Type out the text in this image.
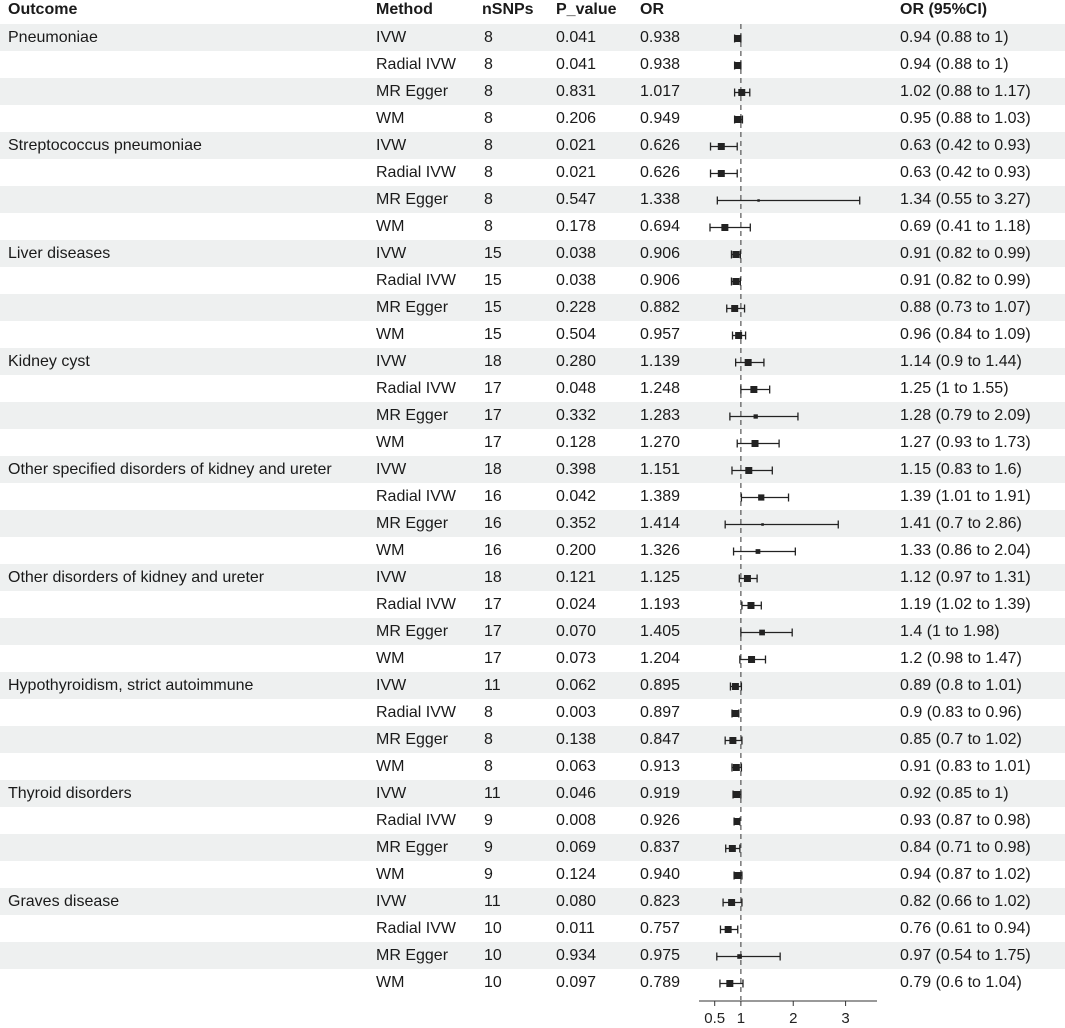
Outcome	Method	nSNPs P_value OR	OR (95%CI)
Pneumoniae	IVW	8	0.041	0.938	0.94 (0.88 to 1)
Radial IVW 8	0.041	0.938	0.94 (0.88 to 1)
MR Egger 8	0.831	1.017	1.02 (0.88 to 1.17)
WM	8	0.206	0.949	0.95 (0.88 to 1.03)
Streptococcus pneumoniae	IVW	8	0.021	0.626	0.63 (0.42 to 0.93)
Radial IVW 8	0.021	0.626	0.63 (0.42 to 0.93)
MR Egger 8	0.547	1.338	1.34 (0.55 to 3.27)
WM	8	0.178	0.694	0.69 (0.41 to 1.18)
Liver diseases	IVW	15	0.038	0.906	0.91 (0.82 to 0.99)
Radial IVW 15	0.038	0.906	0.91 (0.82 to 0.99)
MR Egger 15	0.228	0.882	0.88 (0.73 to 1.07)
WM	15	0.504	0.957	0.96 (0.84 to 1.09)
Kidney cyst	IVW	18	0.280	1.139	1.14 (0.9 to 1.44)
Radial IVW 17	0.048	1.248	1.25 (1 to 1.55)
MR Egger 17	0.332	1.283	1.28 (0.79 to 2.09)
WM	17	0.128	1.270	1.27 (0.93 to 1.73)
Other specified disorders of kidney and ureter	IVW	18	0.398	1.151	1.15 (0.83 to 1.6)
Radial IVW 16	0.042	1.389	1.39 (1.01 to 1.91)
MR Egger 16	0.352	1.414	1.41 (0.7 to 2.86)
WM	16	0.200	1.326	1.33 (0.86 to 2.04)
Other disorders of kidney and ureter	IVW	18	0.121	1.125	1.12 (0.97 to 1.31)
Radial IVW 17	0.024	1.193	1.19 (1.02 to 1.39)
MR Egger 17	0.070	1.405	1.4 (1 to 1.98)
WM	17	0.073	1.204	1.2 (0.98 to 1.47)
Hypothyroidism, strict autoimmune	IVW	11	0.062	0.895	0.89 (0.8 to 1.01)
Radial IVW 8	0.003	0.897	0.9 (0.83 to 0.96)
MR Egger 8	0.138	0.847	0.85 (0.7 to 1.02)
WM	8	0.063	0.913	0.91 (0.83 to 1.01)
Thyroid disorders	IVW	11	0.046	0.919	0.92 (0.85 to 1)
Radial IVW 9	0.008	0.926	0.93 (0.87 to 0.98)
MR Egger 9	0.069	0.837	0.84 (0.71 to 0.98)
WM	9	0.124	0.940	0.94 (0.87 to 1.02)
Graves disease	IVW	11	0.080	0.823	0.82 (0.66 to 1.02)
Radial IVW 10	0.011	0.757	0.76 (0.61 to 0.94)
MR Egger 10	0.934	0.975	0.97 (0.54 to 1.75)
WM	10	0.097	0.789	0.79 (0.6 to 1.04)
0.5 1	2	3
